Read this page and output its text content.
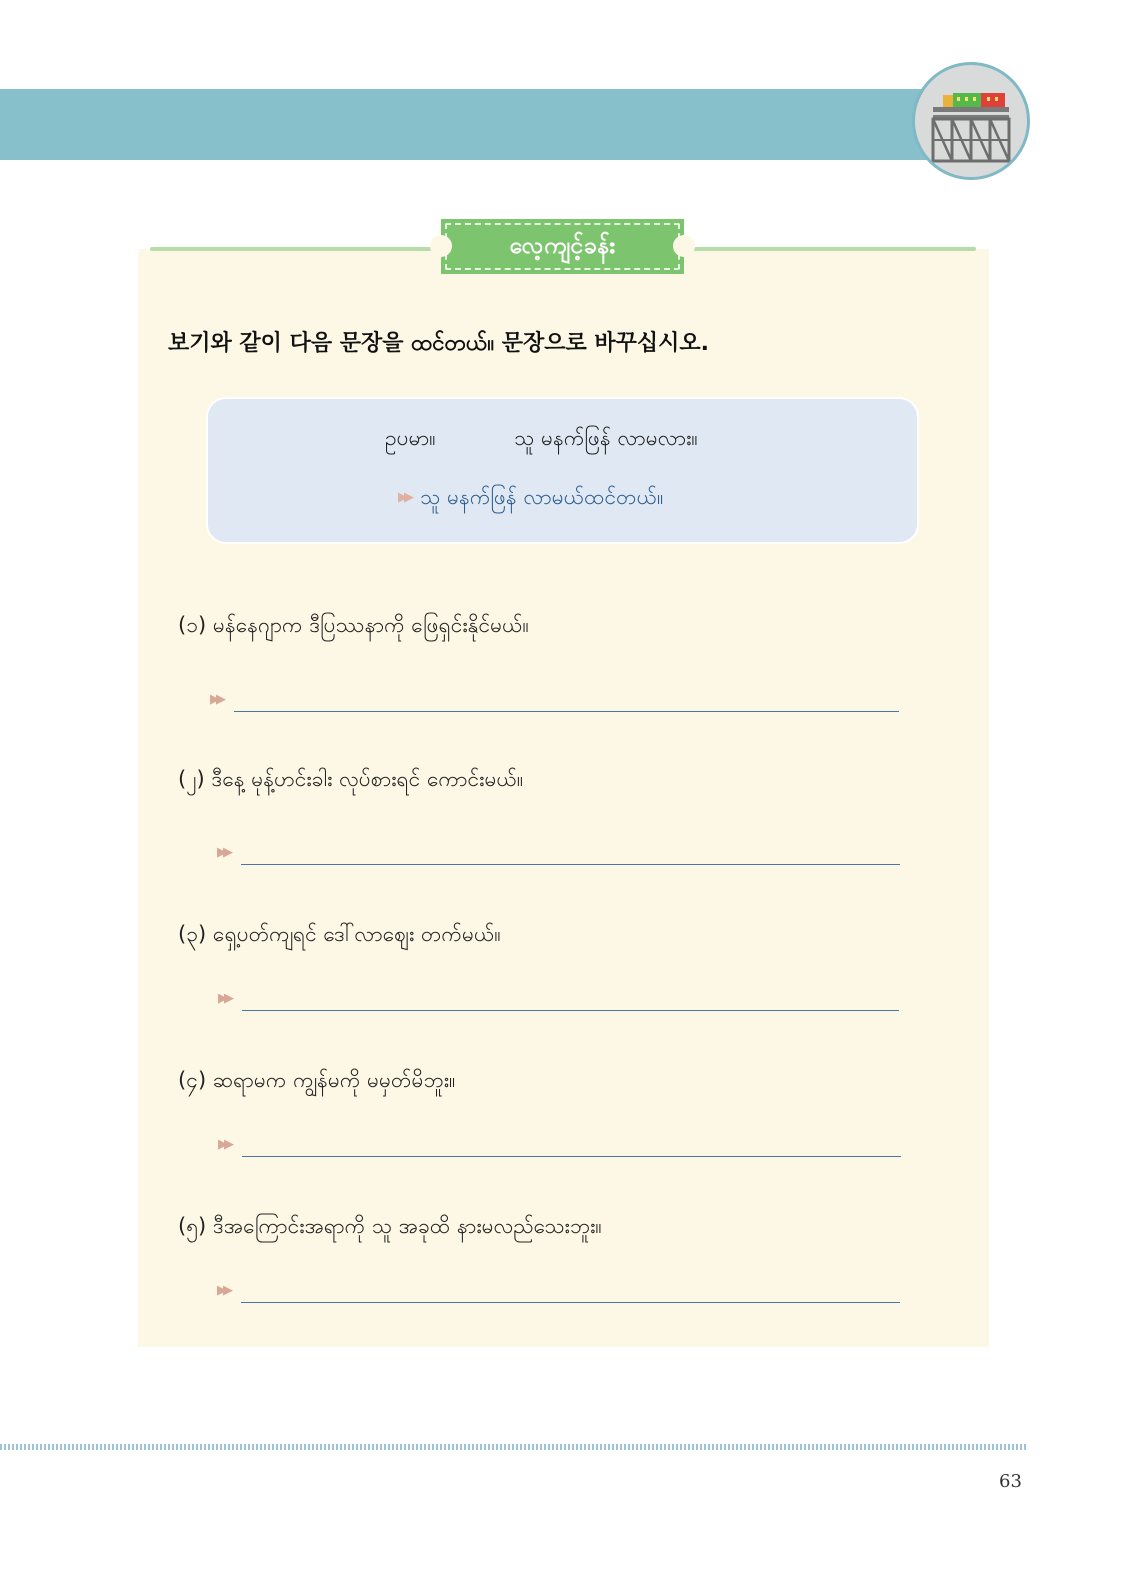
လေ့ကျင့်ခန်း
보기와 같이 다음 문장을 ထင်တယ်။ 문장으로 바꾸십시오.
ဥပမာ။	သူ မနက်ဖြန် လာမလား။
▶▶ သူ မနက်ဖြန် လာမယ်ထင်တယ်။
(၁) မန်နေဂျာက ဒီပြဿနာကို ဖြေရှင်းနိုင်မယ်။
▶▶
(၂) ဒီနေ့ မုန့်ဟင်းခါး လုပ်စားရင် ကောင်းမယ်။
▶▶
(၃) ရှေ့ပတ်ကျရင် ဒေါ်လာဈေး တက်မယ်။
▶▶
(၄) ဆရာမက ကျွန်မကို မမှတ်မိဘူး။
▶▶
(၅) ဒီအကြောင်းအရာကို သူ အခုထိ နားမလည်သေးဘူး။
▶▶
63
